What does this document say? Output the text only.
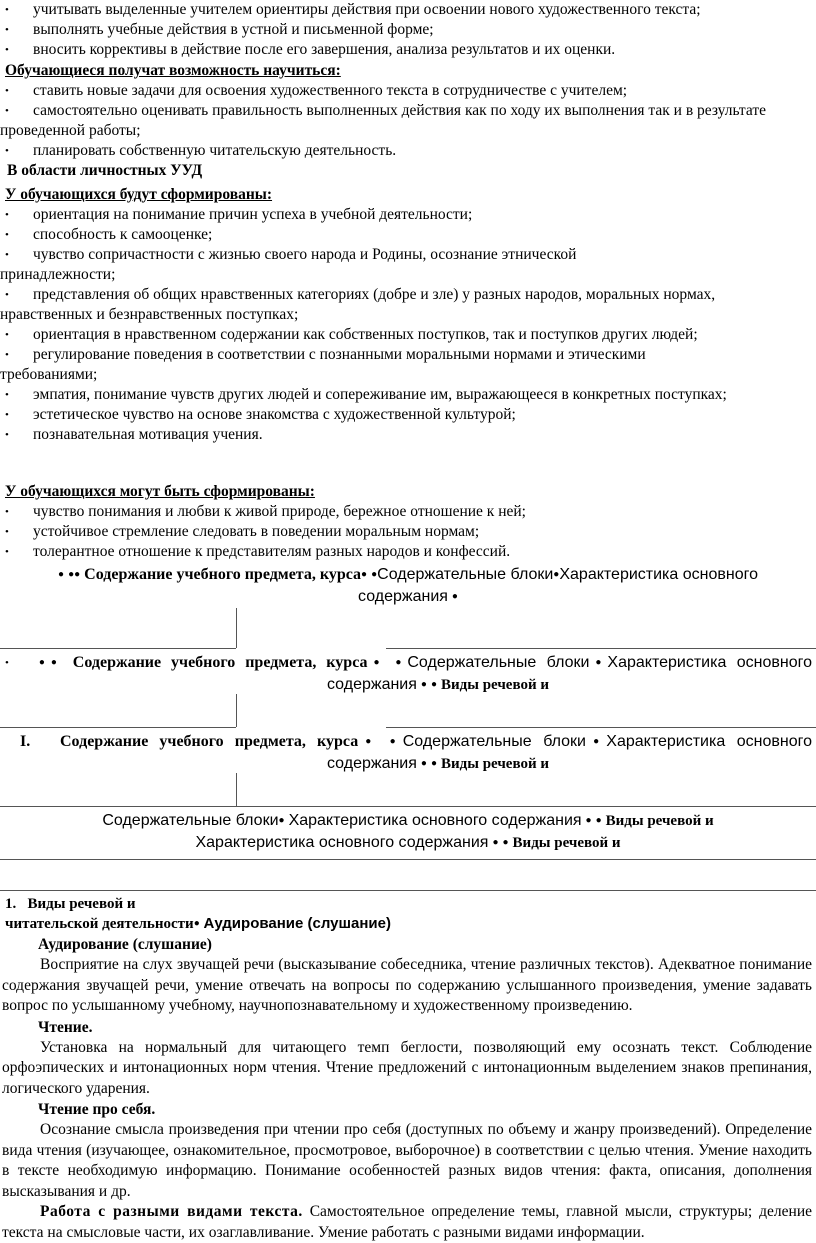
• учитывать выделенные учителем ориентиры действия при освоении нового художественного текста;
• выполнять учебные действия в устной и письменной форме;
• вносить коррективы в действие после его завершения, анализа результатов и их оценки.
Обучающиеся получат возможность научиться:
• ставить новые задачи для освоения художественного текста в сотрудничестве с учителем;
• самостоятельно оценивать правильность выполненных действия как по ходу их выполнения так и в результате проведенной работы;
• планировать собственную читательскую деятельность.
В области личностных УУД
У обучающихся будут сформированы:
• ориентация на понимание причин успеха в учебной деятельности;
• способность к самооценке;
• чувство сопричастности с жизнью своего народа и Родины, осознание этнической принадлежности;
• представления об общих нравственных категориях (добре и зле) у разных народов, моральных нормах, нравственных и безнравственных поступках;
• ориентация в нравственном содержании как собственных поступков, так и поступков других людей;
• регулирование поведения в соответствии с познанными моральными нормами и этическими требованиями;
• эмпатия, понимание чувств других людей и сопереживание им, выражающееся в конкретных поступках;
• эстетическое чувство на основе знакомства с художественной культурой;
• познавательная мотивация учения.
У обучающихся могут быть сформированы:
• чувство понимания и любви к живой природе, бережное отношение к ней;
• устойчивое стремление следовать в поведении моральным нормам;
• толерантное отношение к представителям разных народов и конфессий.
● ●● Содержание учебного предмета, курса● ●Содержательные блоки●Характеристика основного
содержания ●
•	●● Содержание учебного предмета, курса● ●Содержательные блоки●Характеристика основного
содержания ● ● Виды речевой и
I.	Содержание учебного предмета, курса● ●Содержательные блоки●Характеристика основного
содержания ● ● Виды речевой и
Содержательные блоки● Характеристика основного содержания ● ● Виды речевой и
Характеристика основного содержания ● ● Виды речевой и
1. Виды речевой и
читательской деятельности● Аудирование (слушание)
Аудирование (слушание)
Восприятие на слух звучащей речи (высказывание собеседника, чтение различных текстов). Адекватное понимание содержания звучащей речи, умение отвечать на вопросы по содержанию услышанного произведения, умение задавать вопрос по услышанному учебному, научнопознавательному и художественному произведению.
Чтение.
Установка на нормальный для читающего темп беглости, позволяющий ему осознать текст. Соблюдение орфоэпических и интонационных норм чтения. Чтение предложений с интонационным выделением знаков препинания, логического ударения.
Чтение про себя.
Осознание смысла произведения при чтении про себя (доступных по объему и жанру произведений). Определение вида чтения (изучающее, ознакомительное, просмотровое, выборочное) в соответствии с целью чтения. Умение находить в тексте необходимую информацию. Понимание особенностей разных видов чтения: факта, описания, дополнения высказывания и др.
Работа с разными видами текста. Самостоятельное определение темы, главной мысли, структуры; деление текста на смысловые части, их озаглавливание. Умение работать с разными видами информации.
